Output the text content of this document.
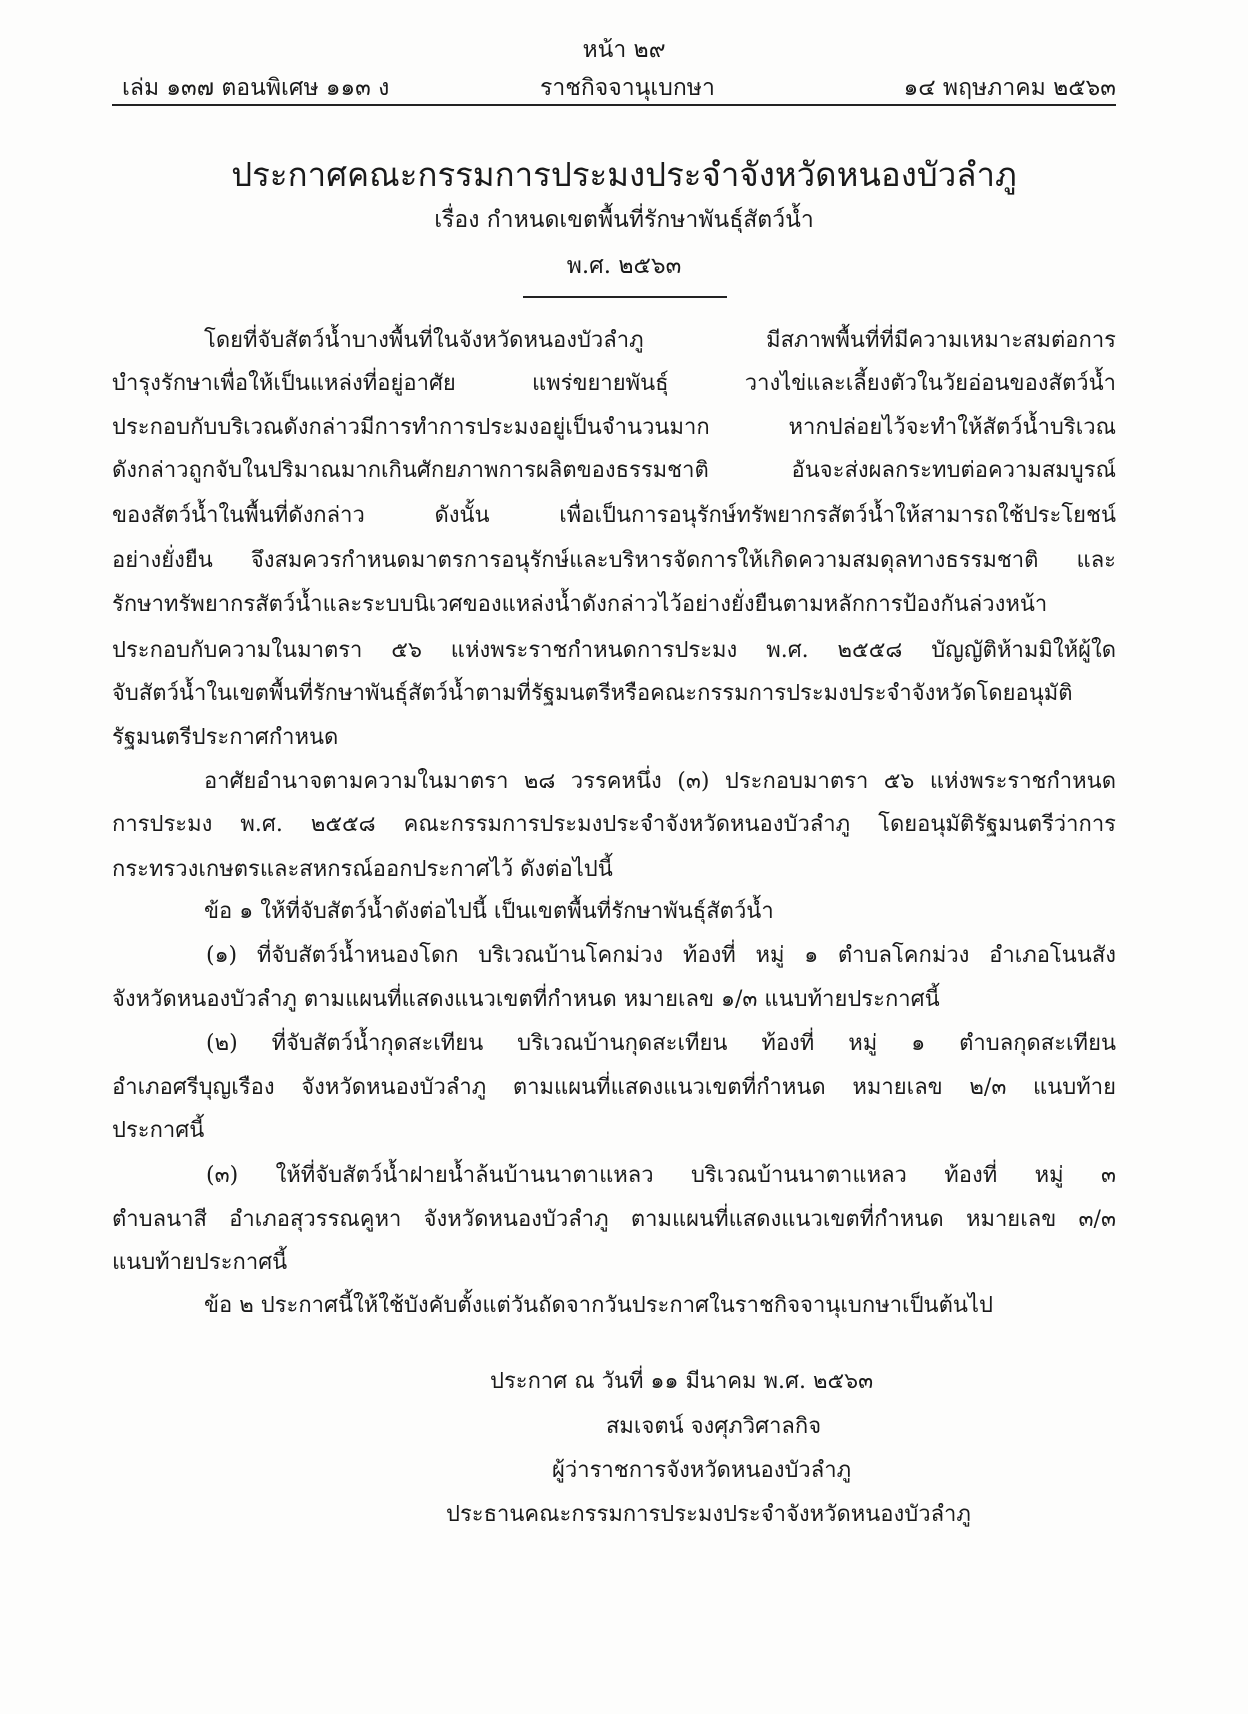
หน้า ๒๙
เล่ม ๑๓๗ ตอนพิเศษ ๑๑๓ ง	ราชกิจจานุเบกษา	๑๔ พฤษภาคม ๒๕๖๓
ประกาศคณะกรรมการประมงประจำจังหวัดหนองบัวลำภู
เรื่อง กำหนดเขตพื้นที่รักษาพันธุ์สัตว์น้ำ
พ.ศ. ๒๕๖๓
โดยที่จับสัตว์น้ำบางพื้นที่ในจังหวัดหนองบัวลำภู มีสภาพพื้นที่ที่มีความเหมาะสมต่อการ
บำรุงรักษาเพื่อให้เป็นแหล่งที่อยู่อาศัย แพร่ขยายพันธุ์ วางไข่และเลี้ยงตัวในวัยอ่อนของสัตว์น้ำ
ประกอบกับบริเวณดังกล่าวมีการทำการประมงอยู่เป็นจำนวนมาก หากปล่อยไว้จะทำให้สัตว์น้ำบริเวณ
ดังกล่าวถูกจับในปริมาณมากเกินศักยภาพการผลิตของธรรมชาติ อันจะส่งผลกระทบต่อความสมบูรณ์
ของสัตว์น้ำในพื้นที่ดังกล่าว ดังนั้น เพื่อเป็นการอนุรักษ์ทรัพยากรสัตว์น้ำให้สามารถใช้ประโยชน์
อย่างยั่งยืน จึงสมควรกำหนดมาตรการอนุรักษ์และบริหารจัดการให้เกิดความสมดุลทางธรรมชาติ และ
รักษาทรัพยากรสัตว์น้ำและระบบนิเวศของแหล่งน้ำดังกล่าวไว้อย่างยั่งยืนตามหลักการป้องกันล่วงหน้า
ประกอบกับความในมาตรา ๕๖ แห่งพระราชกำหนดการประมง พ.ศ. ๒๕๕๘ บัญญัติห้ามมิให้ผู้ใด
จับสัตว์น้ำในเขตพื้นที่รักษาพันธุ์สัตว์น้ำตามที่รัฐมนตรีหรือคณะกรรมการประมงประจำจังหวัดโดยอนุมัติ
รัฐมนตรีประกาศกำหนด
อาศัยอำนาจตามความในมาตรา ๒๘ วรรคหนึ่ง (๓) ประกอบมาตรา ๕๖ แห่งพระราชกำหนด
การประมง พ.ศ. ๒๕๕๘ คณะกรรมการประมงประจำจังหวัดหนองบัวลำภู โดยอนุมัติรัฐมนตรีว่าการ
กระทรวงเกษตรและสหกรณ์ออกประกาศไว้ ดังต่อไปนี้
ข้อ ๑ ให้ที่จับสัตว์น้ำดังต่อไปนี้ เป็นเขตพื้นที่รักษาพันธุ์สัตว์น้ำ
(๑) ที่จับสัตว์น้ำหนองโดก บริเวณบ้านโคกม่วง ท้องที่ หมู่ ๑ ตำบลโคกม่วง อำเภอโนนสัง
จังหวัดหนองบัวลำภู ตามแผนที่แสดงแนวเขตที่กำหนด หมายเลข ๑/๓ แนบท้ายประกาศนี้
(๒) ที่จับสัตว์น้ำกุดสะเทียน บริเวณบ้านกุดสะเทียน ท้องที่ หมู่ ๑ ตำบลกุดสะเทียน
อำเภอศรีบุญเรือง จังหวัดหนองบัวลำภู ตามแผนที่แสดงแนวเขตที่กำหนด หมายเลข ๒/๓ แนบท้าย
ประกาศนี้
(๓) ให้ที่จับสัตว์น้ำฝายน้ำล้นบ้านนาตาแหลว บริเวณบ้านนาตาแหลว ท้องที่ หมู่ ๓
ตำบลนาสี อำเภอสุวรรณคูหา จังหวัดหนองบัวลำภู ตามแผนที่แสดงแนวเขตที่กำหนด หมายเลข ๓/๓
แนบท้ายประกาศนี้
ข้อ ๒ ประกาศนี้ให้ใช้บังคับตั้งแต่วันถัดจากวันประกาศในราชกิจจานุเบกษาเป็นต้นไป
ประกาศ ณ วันที่ ๑๑ มีนาคม พ.ศ. ๒๕๖๓
สมเจตน์ จงศุภวิศาลกิจ
ผู้ว่าราชการจังหวัดหนองบัวลำภู
ประธานคณะกรรมการประมงประจำจังหวัดหนองบัวลำภู
